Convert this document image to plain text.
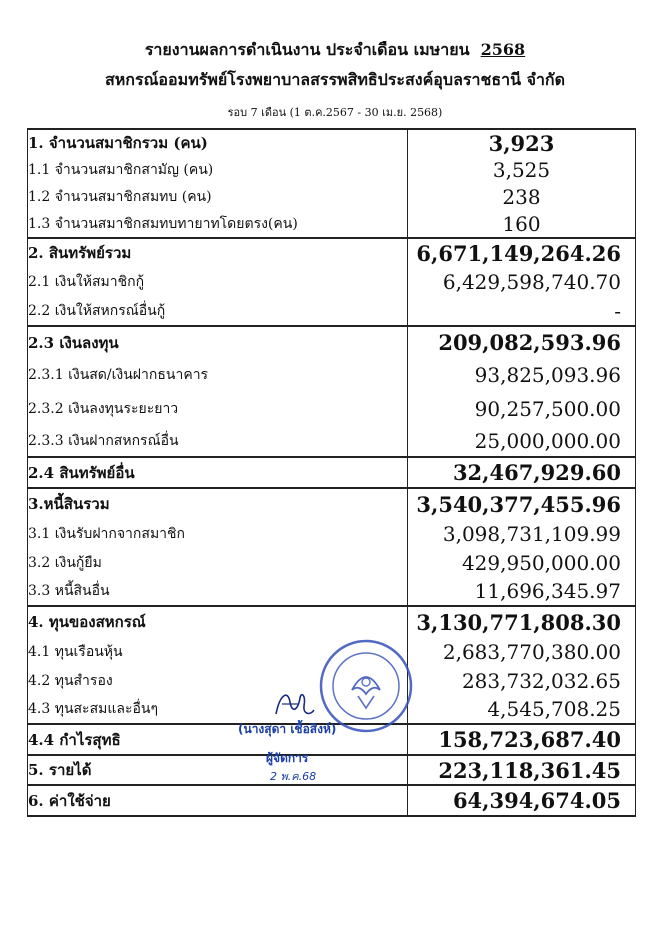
รายงานผลการดำเนินงาน ประจำเดือน เมษายน 2568
สหกรณ์ออมทรัพย์โรงพยาบาลสรรพสิทธิประสงค์อุบลราชธานี จำกัด
รอบ 7 เดือน (1 ต.ค.2567 - 30 เม.ย. 2568)
1. จำนวนสมาชิกรวม (คน)	3,923
1.1 จำนวนสมาชิกสามัญ (คน)	3,525
1.2 จำนวนสมาชิกสมทบ (คน)	238
1.3 จำนวนสมาชิกสมทบทายาทโดยตรง(คน)	160
2. สินทรัพย์รวม	6,671,149,264.26
2.1 เงินให้สมาชิกกู้	6,429,598,740.70
2.2 เงินให้สหกรณ์อื่นกู้	-
2.3 เงินลงทุน	209,082,593.96
2.3.1 เงินสด/เงินฝากธนาคาร	93,825,093.96
2.3.2 เงินลงทุนระยะยาว	90,257,500.00
2.3.3 เงินฝากสหกรณ์อื่น	25,000,000.00
2.4 สินทรัพย์อื่น	32,467,929.60
3.หนี้สินรวม	3,540,377,455.96
3.1 เงินรับฝากจากสมาชิก	3,098,731,109.99
3.2 เงินกู้ยืม	429,950,000.00
3.3 หนี้สินอื่น	11,696,345.97
4. ทุนของสหกรณ์	3,130,771,808.30
4.1 ทุนเรือนหุ้น	2,683,770,380.00
4.2 ทุนสำรอง	283,732,032.65
4.3 ทุนสะสมและอื่นๆ	4,545,708.25
4.4 กำไรสุทธิ	158,723,687.40
5. รายได้	223,118,361.45
6. ค่าใช้จ่าย	64,394,674.05
(นางสุดา เชื้อสิงห์)
ผู้จัดการ
2 พ.ค.68
